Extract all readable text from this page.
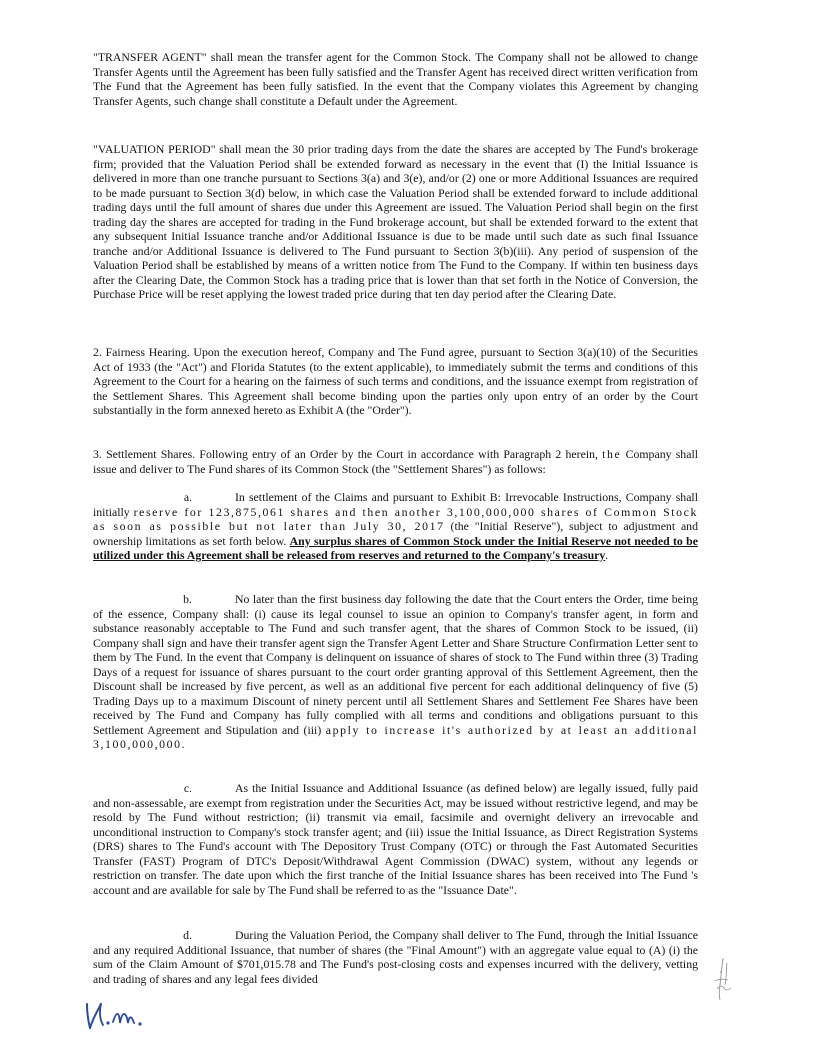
"TRANSFER AGENT" shall mean the transfer agent for the Common Stock. The Company shall not be allowed to change Transfer Agents until the Agreement has been fully satisfied and the Transfer Agent has received direct written verification from The Fund that the Agreement has been fully satisfied. In the event that the Company violates this Agreement by changing Transfer Agents, such change shall constitute a Default under the Agreement.

"VALUATION PERIOD" shall mean the 30 prior trading days from the date the shares are accepted by The Fund's brokerage firm; provided that the Valuation Period shall be extended forward as necessary in the event that (I) the Initial Issuance is delivered in more than one tranche pursuant to Sections 3(a) and 3(e), and/or (2) one or more Additional Issuances are required to be made pursuant to Section 3(d) below, in which case the Valuation Period shall be extended forward to include additional trading days until the full amount of shares due under this Agreement are issued. The Valuation Period shall begin on the first trading day the shares are accepted for trading in the Fund brokerage account, but shall be extended forward to the extent that any subsequent Initial Issuance tranche and/or Additional Issuance is due to be made until such date as such final Issuance tranche and/or Additional Issuance is delivered to The Fund pursuant to Section 3(b)(iii). Any period of suspension of the Valuation Period shall be established by means of a written notice from The Fund to the Company. If within ten business days after the Clearing Date, the Common Stock has a trading price that is lower than that set forth in the Notice of Conversion, the Purchase Price will be reset applying the lowest traded price during that ten day period after the Clearing Date.

2. Fairness Hearing. Upon the execution hereof, Company and The Fund agree, pursuant to Section 3(a)(10) of the Securities Act of 1933 (the "Act") and Florida Statutes (to the extent applicable), to immediately submit the terms and conditions of this Agreement to the Court for a hearing on the fairness of such terms and conditions, and the issuance exempt from registration of the Settlement Shares. This Agreement shall become binding upon the parties only upon entry of an order by the Court substantially in the form annexed hereto as Exhibit A (the "Order").

3. Settlement Shares. Following entry of an Order by the Court in accordance with Paragraph 2 herein, the Company shall issue and deliver to The Fund shares of its Common Stock (the "Settlement Shares") as follows:

a.	In settlement of the Claims and pursuant to Exhibit B: Irrevocable Instructions, Company shall initially reserve for 123,875,061 shares and then another 3,100,000,000 shares of Common Stock as soon as possible but not later than July 30, 2017 (the "Initial Reserve"), subject to adjustment and ownership limitations as set forth below. Any surplus shares of Common Stock under the Initial Reserve not needed to be utilized under this Agreement shall be released from reserves and returned to the Company's treasury.

b.	No later than the first business day following the date that the Court enters the Order, time being of the essence, Company shall: (i) cause its legal counsel to issue an opinion to Company's transfer agent, in form and substance reasonably acceptable to The Fund and such transfer agent, that the shares of Common Stock to be issued, (ii) Company shall sign and have their transfer agent sign the Transfer Agent Letter and Share Structure Confirmation Letter sent to them by The Fund. In the event that Company is delinquent on issuance of shares of stock to The Fund within three (3) Trading Days of a request for issuance of shares pursuant to the court order granting approval of this Settlement Agreement, then the Discount shall be increased by five percent, as well as an additional five percent for each additional delinquency of five (5) Trading Days up to a maximum Discount of ninety percent until all Settlement Shares and Settlement Fee Shares have been received by The Fund and Company has fully complied with all terms and conditions and obligations pursuant to this Settlement Agreement and Stipulation and (iii) apply to increase it's authorized by at least an additional 3,100,000,000.

c.	As the Initial Issuance and Additional Issuance (as defined below) are legally issued, fully paid and non-assessable, are exempt from registration under the Securities Act, may be issued without restrictive legend, and may be resold by The Fund without restriction; (ii) transmit via email, facsimile and overnight delivery an irrevocable and unconditional instruction to Company's stock transfer agent; and (iii) issue the Initial Issuance, as Direct Registration Systems (DRS) shares to The Fund's account with The Depository Trust Company (OTC) or through the Fast Automated Securities Transfer (FAST) Program of DTC's Deposit/Withdrawal Agent Commission (DWAC) system, without any legends or restriction on transfer. The date upon which the first tranche of the Initial Issuance shares has been received into The Fund 's account and are available for sale by The Fund shall be referred to as the "Issuance Date".

d.	During the Valuation Period, the Company shall deliver to The Fund, through the Initial Issuance and any required Additional Issuance, that number of shares (the "Final Amount") with an aggregate value equal to (A) (i) the sum of the Claim Amount of $701,015.78 and The Fund's post-closing costs and expenses incurred with the delivery, vetting and trading of shares and any legal fees divided
